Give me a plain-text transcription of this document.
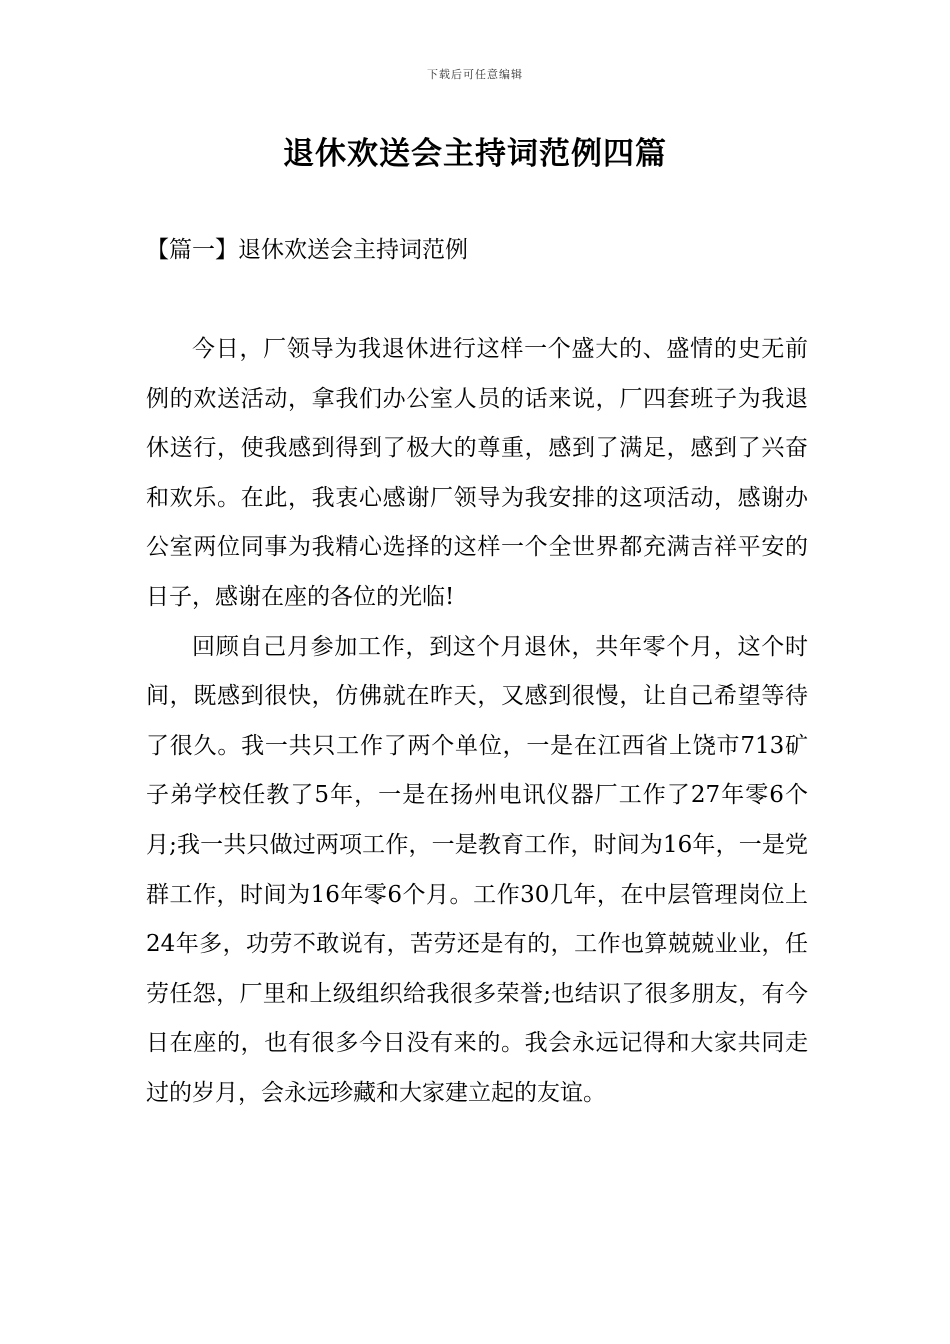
下载后可任意编辑
退休欢送会主持词范例四篇
【篇一】退休欢送会主持词范例

今日，厂领导为我退休进行这样一个盛大的、盛情的史无前例的欢送活动，拿我们办公室人员的话来说，厂四套班子为我退休送行，使我感到得到了极大的尊重，感到了满足，感到了兴奋和欢乐。在此，我衷心感谢厂领导为我安排的这项活动，感谢办公室两位同事为我精心选择的这样一个全世界都充满吉祥平安的日子，感谢在座的各位的光临!

回顾自己月参加工作，到这个月退休，共年零个月，这个时间，既感到很快，仿佛就在昨天，又感到很慢，让自己希望等待了很久。我一共只工作了两个单位，一是在江西省上饶市713矿子弟学校任教了5年，一是在扬州电讯仪器厂工作了27年零6个月;我一共只做过两项工作，一是教育工作，时间为16年，一是党群工作，时间为16年零6个月。工作30几年，在中层管理岗位上24年多，功劳不敢说有，苦劳还是有的，工作也算兢兢业业，任劳任怨，厂里和上级组织给我很多荣誉;也结识了很多朋友，有今日在座的，也有很多今日没有来的。我会永远记得和大家共同走过的岁月，会永远珍藏和大家建立起的友谊。
